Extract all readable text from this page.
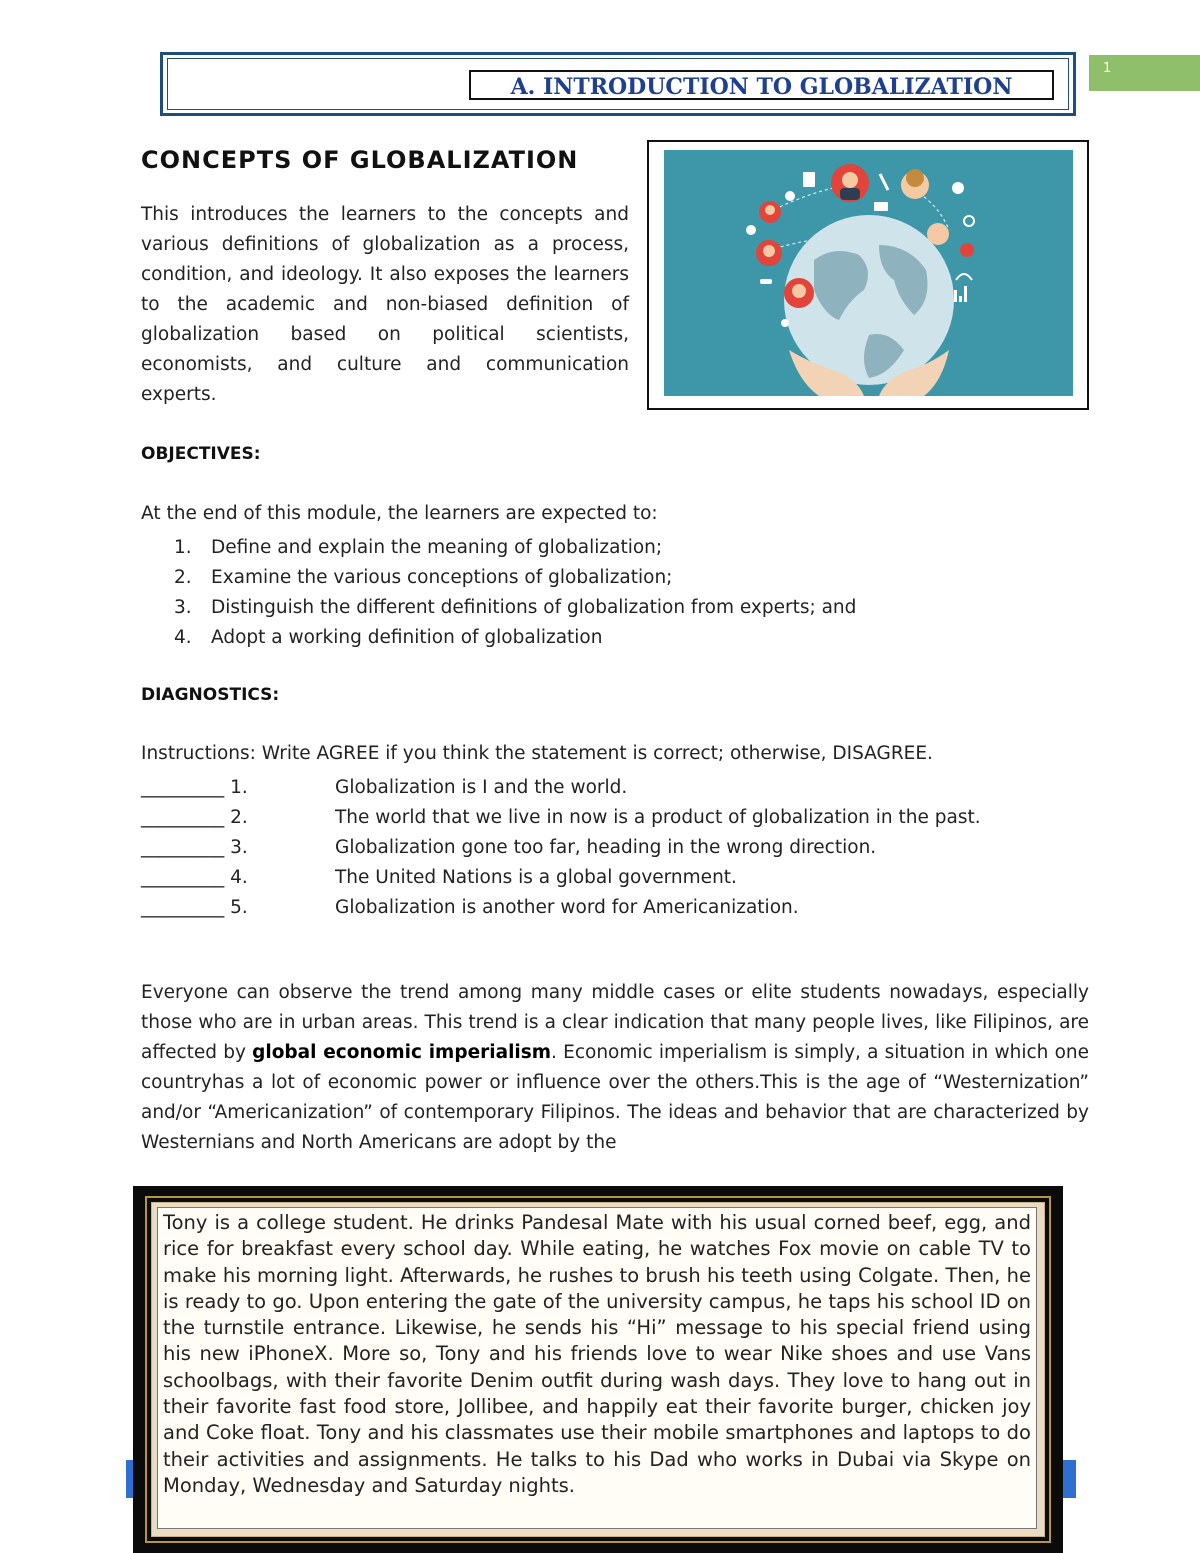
A. INTRODUCTION TO GLOBALIZATION
1
CONCEPTS OF GLOBALIZATION
This introduces the learners to the concepts and various definitions of globalization as a process, condition, and ideology. It also exposes the learners to the academic and non-biased definition of globalization based on political scientists, economists, and culture and communication experts.
OBJECTIVES:
At the end of this module, the learners are expected to:
1.	Define and explain the meaning of globalization;
2.	Examine the various conceptions of globalization;
3.	Distinguish the different definitions of globalization from experts; and
4.	Adopt a working definition of globalization
DIAGNOSTICS:
Instructions: Write AGREE if you think the statement is correct; otherwise, DISAGREE.
_________ 1.	Globalization is I and the world.
_________ 2.	The world that we live in now is a product of globalization in the past.
_________ 3.	Globalization gone too far, heading in the wrong direction.
_________ 4.	The United Nations is a global government.
_________ 5.	Globalization is another word for Americanization.
Everyone can observe the trend among many middle cases or elite students nowadays, especially those who are in urban areas. This trend is a clear indication that many people lives, like Filipinos, are affected by global economic imperialism. Economic imperialism is simply, a situation in which one countryhas a lot of economic power or influence over the others.This is the age of “Westernization” and/or “Americanization” of contemporary Filipinos. The ideas and behavior that are characterized by Westernians and North Americans are adopt by the
Tony is a college student. He drinks Pandesal Mate with his usual corned beef, egg, and rice for breakfast every school day. While eating, he watches Fox movie on cable TV to make his morning light. Afterwards, he rushes to brush his teeth using Colgate. Then, he is ready to go. Upon entering the gate of the university campus, he taps his school ID on the turnstile entrance. Likewise, he sends his “Hi” message to his special friend using his new iPhoneX. More so, Tony and his friends love to wear Nike shoes and use Vans schoolbags, with their favorite Denim outfit during wash days. They love to hang out in their favorite fast food store, Jollibee, and happily eat their favorite burger, chicken joy and Coke float. Tony and his classmates use their mobile smartphones and laptops to do their activities and assignments. He talks to his Dad who works in Dubai via Skype on Monday, Wednesday and Saturday nights.
